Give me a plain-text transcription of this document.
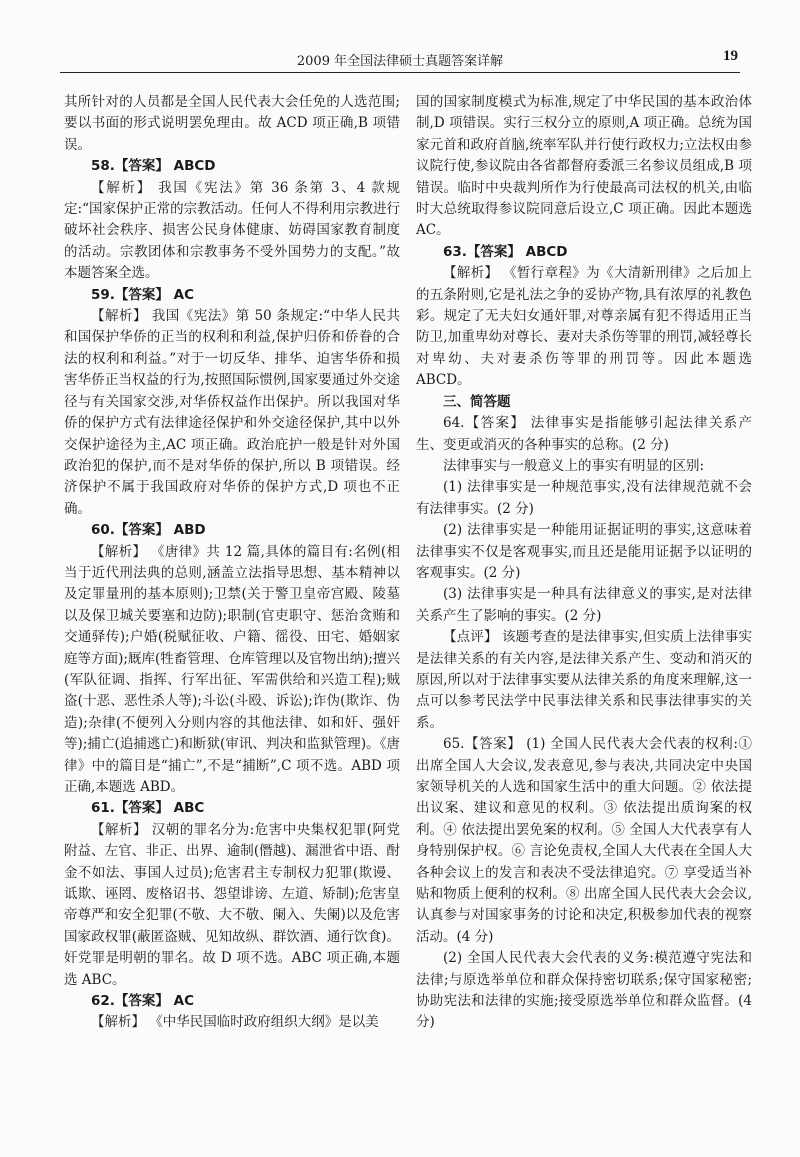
2009 年全国法律硕士真题答案详解	19

其所针对的人员都是全国人民代表大会任免的人选范围;要以书面的形式说明罢免理由。故 ACD 项正确,B 项错误。

58.【答案】 ABCD

【解析】 我国《宪法》第 36 条第 3、4 款规定:“国家保护正常的宗教活动。任何人不得利用宗教进行破坏社会秩序、损害公民身体健康、妨碍国家教育制度的活动。宗教团体和宗教事务不受外国势力的支配。”故本题答案全选。

59.【答案】 AC

【解析】 我国《宪法》第 50 条规定:“中华人民共和国保护华侨的正当的权利和利益,保护归侨和侨眷的合法的权利和利益。”对于一切反华、排华、迫害华侨和损害华侨正当权益的行为,按照国际惯例,国家要通过外交途径与有关国家交涉,对华侨权益作出保护。所以我国对华侨的保护方式有法律途径保护和外交途径保护,其中以外交保护途径为主,AC 项正确。政治庇护一般是针对外国政治犯的保护,而不是对华侨的保护,所以 B 项错误。经济保护不属于我国政府对华侨的保护方式,D 项也不正确。

60.【答案】 ABD

【解析】 《唐律》共 12 篇,具体的篇目有:名例(相当于近代刑法典的总则,涵盖立法指导思想、基本精神以及定罪量刑的基本原则);卫禁(关于警卫皇帝宫殿、陵墓以及保卫城关要塞和边防);职制(官吏职守、惩治贪贿和交通驿传);户婚(税赋征收、户籍、徭役、田宅、婚姻家庭等方面);厩库(牲畜管理、仓库管理以及官物出纳);擅兴(军队征调、指挥、行军出征、军需供给和兴造工程);贼盗(十恶、恶性杀人等);斗讼(斗殴、诉讼);诈伪(欺诈、伪造);杂律(不便列入分则内容的其他法律、如和奸、强奸等);捕亡(追捕逃亡)和断狱(审讯、判决和监狱管理)。《唐律》中的篇目是“捕亡”,不是“捕断”,C 项不选。ABD 项正确,本题选 ABD。

61.【答案】 ABC

【解析】 汉朝的罪名分为:危害中央集权犯罪(阿党附益、左官、非正、出界、逾制(僭越)、漏泄省中语、酎金不如法、事国人过员);危害君主专制权力犯罪(欺谩、诋欺、诬罔、废格诏书、怨望诽谤、左道、矫制);危害皇帝尊严和安全犯罪(不敬、大不敬、阑入、失阑)以及危害国家政权罪(蔽匿盗贼、见知故纵、群饮酒、通行饮食)。奸党罪是明朝的罪名。故 D 项不选。ABC 项正确,本题选 ABC。

62.【答案】 AC

【解析】 《中华民国临时政府组织大纲》是以美

国的国家制度模式为标准,规定了中华民国的基本政治体制,D 项错误。实行三权分立的原则,A 项正确。总统为国家元首和政府首脑,统率军队并行使行政权力;立法权由参议院行使,参议院由各省都督府委派三名参议员组成,B 项错误。临时中央裁判所作为行使最高司法权的机关,由临时大总统取得参议院同意后设立,C 项正确。因此本题选 AC。

63.【答案】 ABCD

【解析】 《暂行章程》为《大清新刑律》之后加上的五条附则,它是礼法之争的妥协产物,具有浓厚的礼教色彩。规定了无夫妇女通奸罪,对尊亲属有犯不得适用正当防卫,加重卑幼对尊长、妻对夫杀伤等罪的刑罚,减轻尊长对卑幼、夫对妻杀伤等罪的刑罚等。因此本题选 ABCD。

三、简答题

64.【答案】 法律事实是指能够引起法律关系产生、变更或消灭的各种事实的总称。(2 分)

法律事实与一般意义上的事实有明显的区别:

(1) 法律事实是一种规范事实,没有法律规范就不会有法律事实。(2 分)

(2) 法律事实是一种能用证据证明的事实,这意味着法律事实不仅是客观事实,而且还是能用证据予以证明的客观事实。(2 分)

(3) 法律事实是一种具有法律意义的事实,是对法律关系产生了影响的事实。(2 分)

【点评】 该题考查的是法律事实,但实质上法律事实是法律关系的有关内容,是法律关系产生、变动和消灭的原因,所以对于法律事实要从法律关系的角度来理解,这一点可以参考民法学中民事法律关系和民事法律事实的关系。

65.【答案】 (1) 全国人民代表大会代表的权利:① 出席全国人大会议,发表意见,参与表决,共同决定中央国家领导机关的人选和国家生活中的重大问题。② 依法提出议案、建议和意见的权利。③ 依法提出质询案的权利。④ 依法提出罢免案的权利。⑤ 全国人大代表享有人身特别保护权。⑥ 言论免责权,全国人大代表在全国人大各种会议上的发言和表决不受法律追究。⑦ 享受适当补贴和物质上便利的权利。⑧ 出席全国人民代表大会会议,认真参与对国家事务的讨论和决定,积极参加代表的视察活动。(4 分)

(2) 全国人民代表大会代表的义务:模范遵守宪法和法律;与原选举单位和群众保持密切联系;保守国家秘密;协助宪法和法律的实施;接受原选举单位和群众监督。(4 分)
